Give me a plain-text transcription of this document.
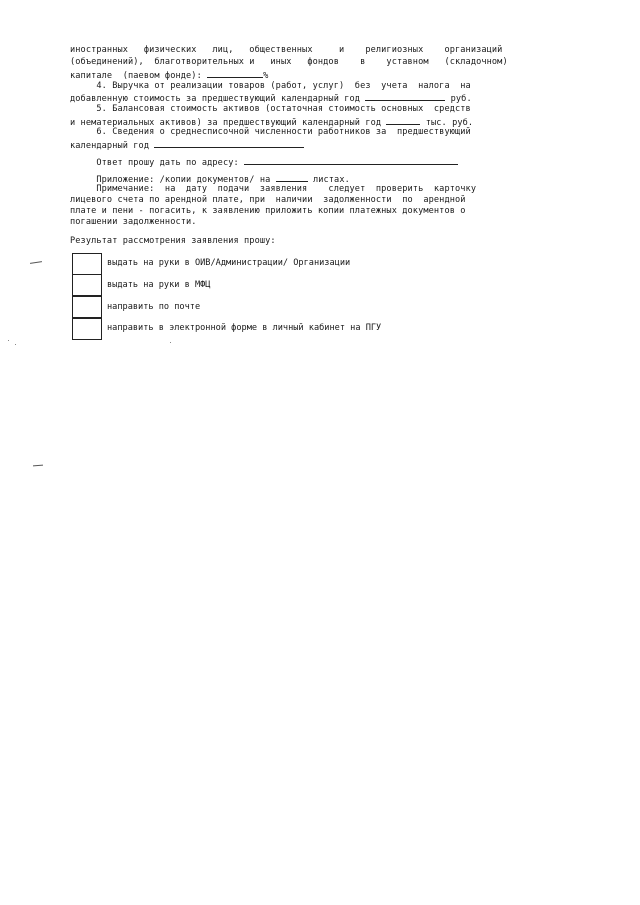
иностранных   физических   лиц,   общественных     и    религиозных    организаций
(объединений),  благотворительных и   иных   фондов    в    уставном   (складочном)
капитале  (паевом фонде):	%
4. Выручка от реализации товаров (работ, услуг)  без  учета  налога  на
добавленную стоимость за предшествующий календарный год	руб.
5. Балансовая стоимость активов (остаточная стоимость основных  средств
и нематериальных активов) за предшествующий календарный год	тыс. руб.
6. Сведения о среднесписочной численности работников за  предшествующий
календарный год
Ответ прошу дать по адресу:
Приложение: /копии документов/ на	листах.
Примечание:  на  дату  подачи  заявления    следует  проверить  карточку
лицевого счета по арендной плате, при  наличии  задолженности  по  арендной
плате и пени - погасить, к заявлению приложить копии платежных документов о
погашении задолженности.
Результат рассмотрения заявления прошу:
выдать на руки в ОИВ/Администрации/ Организации
выдать на руки в МФЦ
направить по почте
направить в электронной форме в личный кабинет на ПГУ
